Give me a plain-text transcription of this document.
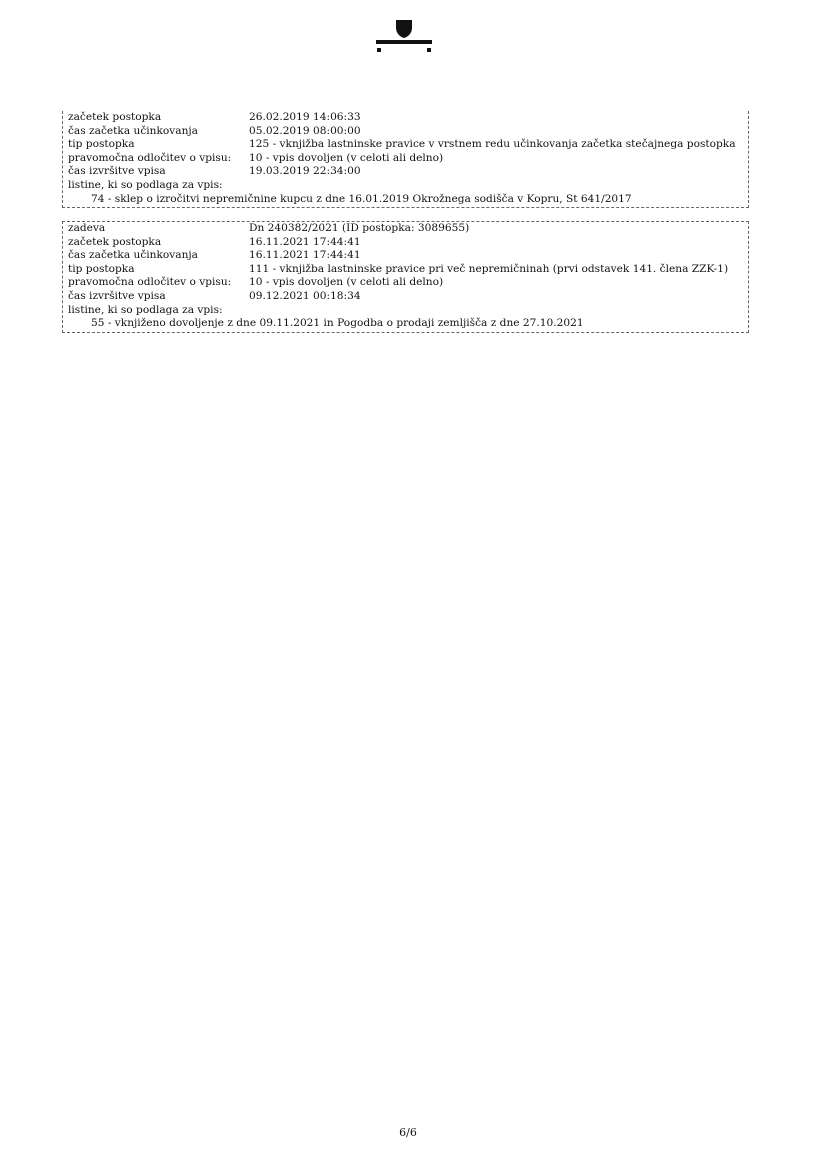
začetek postopka	26.02.2019 14:06:33
čas začetka učinkovanja	05.02.2019 08:00:00
tip postopka	125 - vknjižba lastninske pravice v vrstnem redu učinkovanja začetka stečajnega postopka
pravomočna odločitev o vpisu:	10 - vpis dovoljen (v celoti ali delno)
čas izvršitve vpisa	19.03.2019 22:34:00
listine, ki so podlaga za vpis:
74 - sklep o izročitvi nepremičnine kupcu z dne 16.01.2019 Okrožnega sodišča v Kopru, St 641/2017
zadeva	Dn 240382/2021 (ID postopka: 3089655)
začetek postopka	16.11.2021 17:44:41
čas začetka učinkovanja	16.11.2021 17:44:41
tip postopka	111 - vknjižba lastninske pravice pri več nepremičninah (prvi odstavek 141. člena ZZK-1)
pravomočna odločitev o vpisu:	10 - vpis dovoljen (v celoti ali delno)
čas izvršitve vpisa	09.12.2021 00:18:34
listine, ki so podlaga za vpis:
55 - vknjiženo dovoljenje z dne 09.11.2021 in Pogodba o prodaji zemljišča z dne 27.10.2021
6/6
